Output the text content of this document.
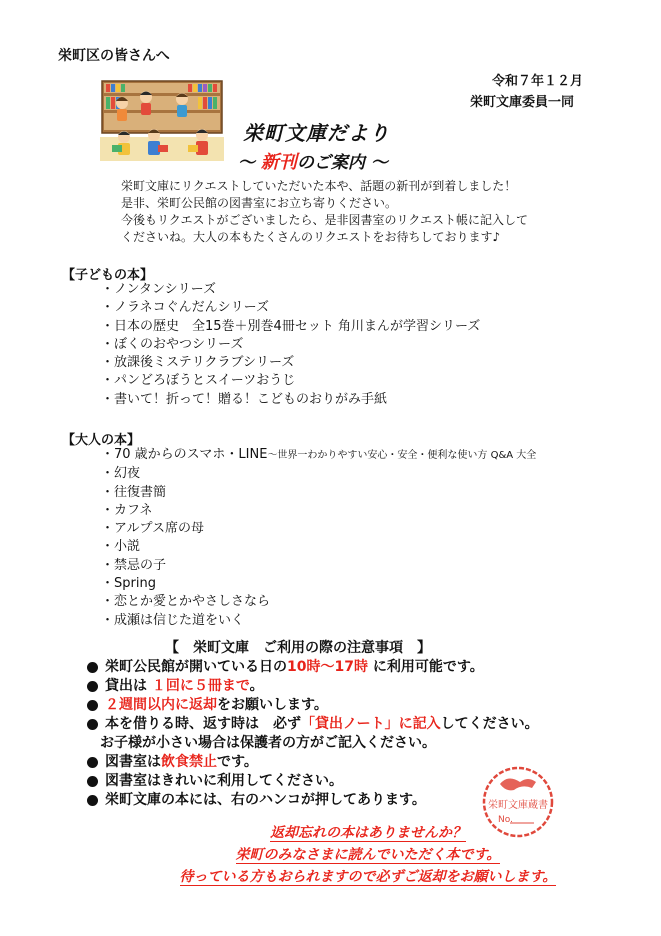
栄町区の皆さんへ
令和７年１２月
栄町文庫委員一同
栄町文庫だより
〜 新刊のご案内 〜
栄町文庫にリクエストしていただいた本や、話題の新刊が到着しました！
是非、栄町公民館の図書室にお立ち寄りください。
今後もリクエストがございましたら、是非図書室のリクエスト帳に記入して
くださいね。大人の本もたくさんのリクエストをお待ちしております♪
【子どもの本】
・ノンタンシリーズ
・ノラネコぐんだんシリーズ
・日本の歴史　全15巻＋別巻4冊セット 角川まんが学習シリーズ
・ぼくのおやつシリーズ
・放課後ミステリクラブシリーズ
・パンどろぼうとスイーツおうじ
・書いて！折って！贈る！こどものおりがみ手紙
【大人の本】
・70 歳からのスマホ・LINE〜世界一わかりやすい安心・安全・便利な使い方 Q&A 大全
・幻夜
・往復書簡
・カフネ
・アルプス席の母
・小説
・禁忌の子
・Spring
・恋とか愛とかやさしさなら
・成瀬は信じた道をいく
【　栄町文庫　ご利用の際の注意事項　】
栄町公民館が開いている日の10時〜17時 に利用可能です。
貸出は １回に５冊まで。
２週間以内に返却をお願いします。
本を借りる時、返す時は　必ず「貸出ノート」に記入してください。
お子様が小さい場合は保護者の方がご記入ください。
図書室は飲食禁止です。
図書室はきれいに利用してください。
栄町文庫の本には、右のハンコが押してあります。	栄町文庫蔵書
No.
返却忘れの本はありませんか？
栄町のみなさまに読んでいただく本です。
待っている方もおられますので必ずご返却をお願いします。
